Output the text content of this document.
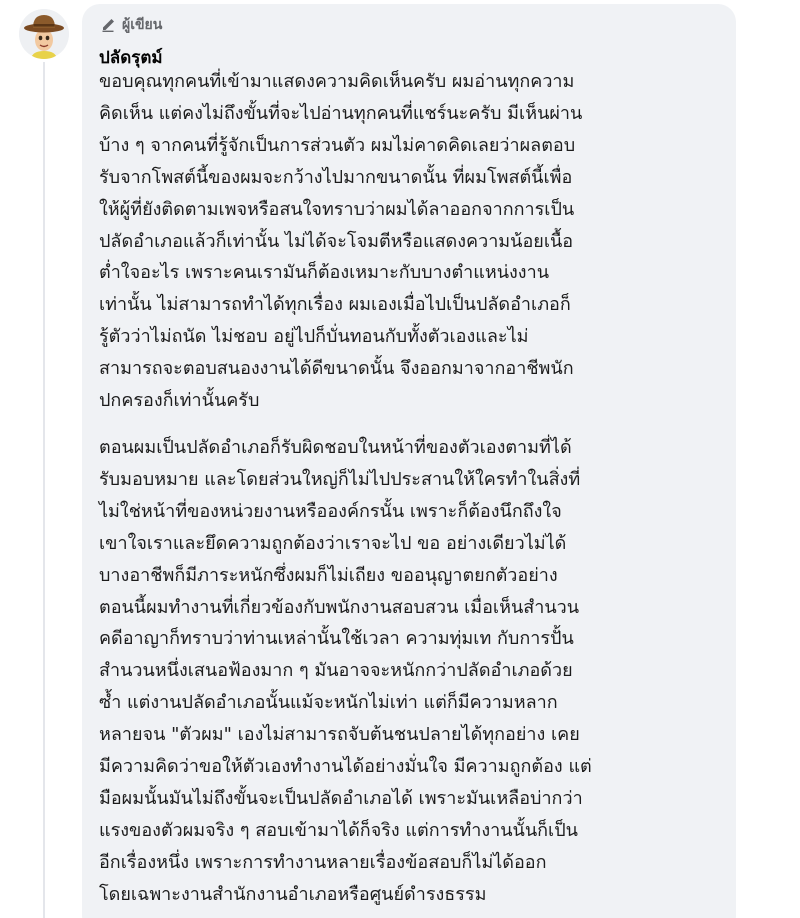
ผู้เขียน
ปลัดรุตม์
ขอบคุณทุกคนที่เข้ามาแสดงความคิดเห็นครับ ผมอ่านทุกความ
คิดเห็น แต่คงไม่ถึงขั้นที่จะไปอ่านทุกคนที่แชร์นะครับ มีเห็นผ่าน
บ้าง ๆ จากคนที่รู้จักเป็นการส่วนตัว ผมไม่คาดคิดเลยว่าผลตอบ
รับจากโพสต์นี้ของผมจะกว้างไปมากขนาดนั้น ที่ผมโพสต์นี้เพื่อ
ให้ผู้ที่ยังติดตามเพจหรือสนใจทราบว่าผมได้ลาออกจากการเป็น
ปลัดอำเภอแล้วก็เท่านั้น ไม่ได้จะโจมตีหรือแสดงความน้อยเนื้อ
ต่ำใจอะไร เพราะคนเรามันก็ต้องเหมาะกับบางตำแหน่งงาน
เท่านั้น ไม่สามารถทำได้ทุกเรื่อง ผมเองเมื่อไปเป็นปลัดอำเภอก็
รู้ตัวว่าไม่ถนัด ไม่ชอบ อยู่ไปก็บั่นทอนกับทั้งตัวเองและไม่
สามารถจะตอบสนองงานได้ดีขนาดนั้น จึงออกมาจากอาชีพนัก
ปกครองก็เท่านั้นครับ
ตอนผมเป็นปลัดอำเภอก็รับผิดชอบในหน้าที่ของตัวเองตามที่ได้
รับมอบหมาย และโดยส่วนใหญ่ก็ไม่ไปประสานให้ใครทำในสิ่งที่
ไม่ใช่หน้าที่ของหน่วยงานหรือองค์กรนั้น เพราะก็ต้องนึกถึงใจ
เขาใจเราและยึดความถูกต้องว่าเราจะไป ขอ อย่างเดียวไม่ได้
บางอาชีพก็มีภาระหนักซึ่งผมก็ไม่เถียง ขออนุญาตยกตัวอย่าง
ตอนนี้ผมทำงานที่เกี่ยวข้องกับพนักงานสอบสวน เมื่อเห็นสำนวน
คดีอาญาก็ทราบว่าท่านเหล่านั้นใช้เวลา ความทุ่มเท กับการปั้น
สำนวนหนึ่งเสนอฟ้องมาก ๆ มันอาจจะหนักกว่าปลัดอำเภอด้วย
ซ้ำ แต่งานปลัดอำเภอนั้นแม้จะหนักไม่เท่า แต่ก็มีความหลาก
หลายจน "ตัวผม" เองไม่สามารถจับต้นชนปลายได้ทุกอย่าง เคย
มีความคิดว่าขอให้ตัวเองทำงานได้อย่างมั่นใจ มีความถูกต้อง แต่
มือผมนั้นมันไม่ถึงขั้นจะเป็นปลัดอำเภอได้ เพราะมันเหลือบ่ากว่า
แรงของตัวผมจริง ๆ สอบเข้ามาได้ก็จริง แต่การทำงานนั้นก็เป็น
อีกเรื่องหนึ่ง เพราะการทำงานหลายเรื่องข้อสอบก็ไม่ได้ออก
โดยเฉพาะงานสำนักงานอำเภอหรือศูนย์ดำรงธรรม
